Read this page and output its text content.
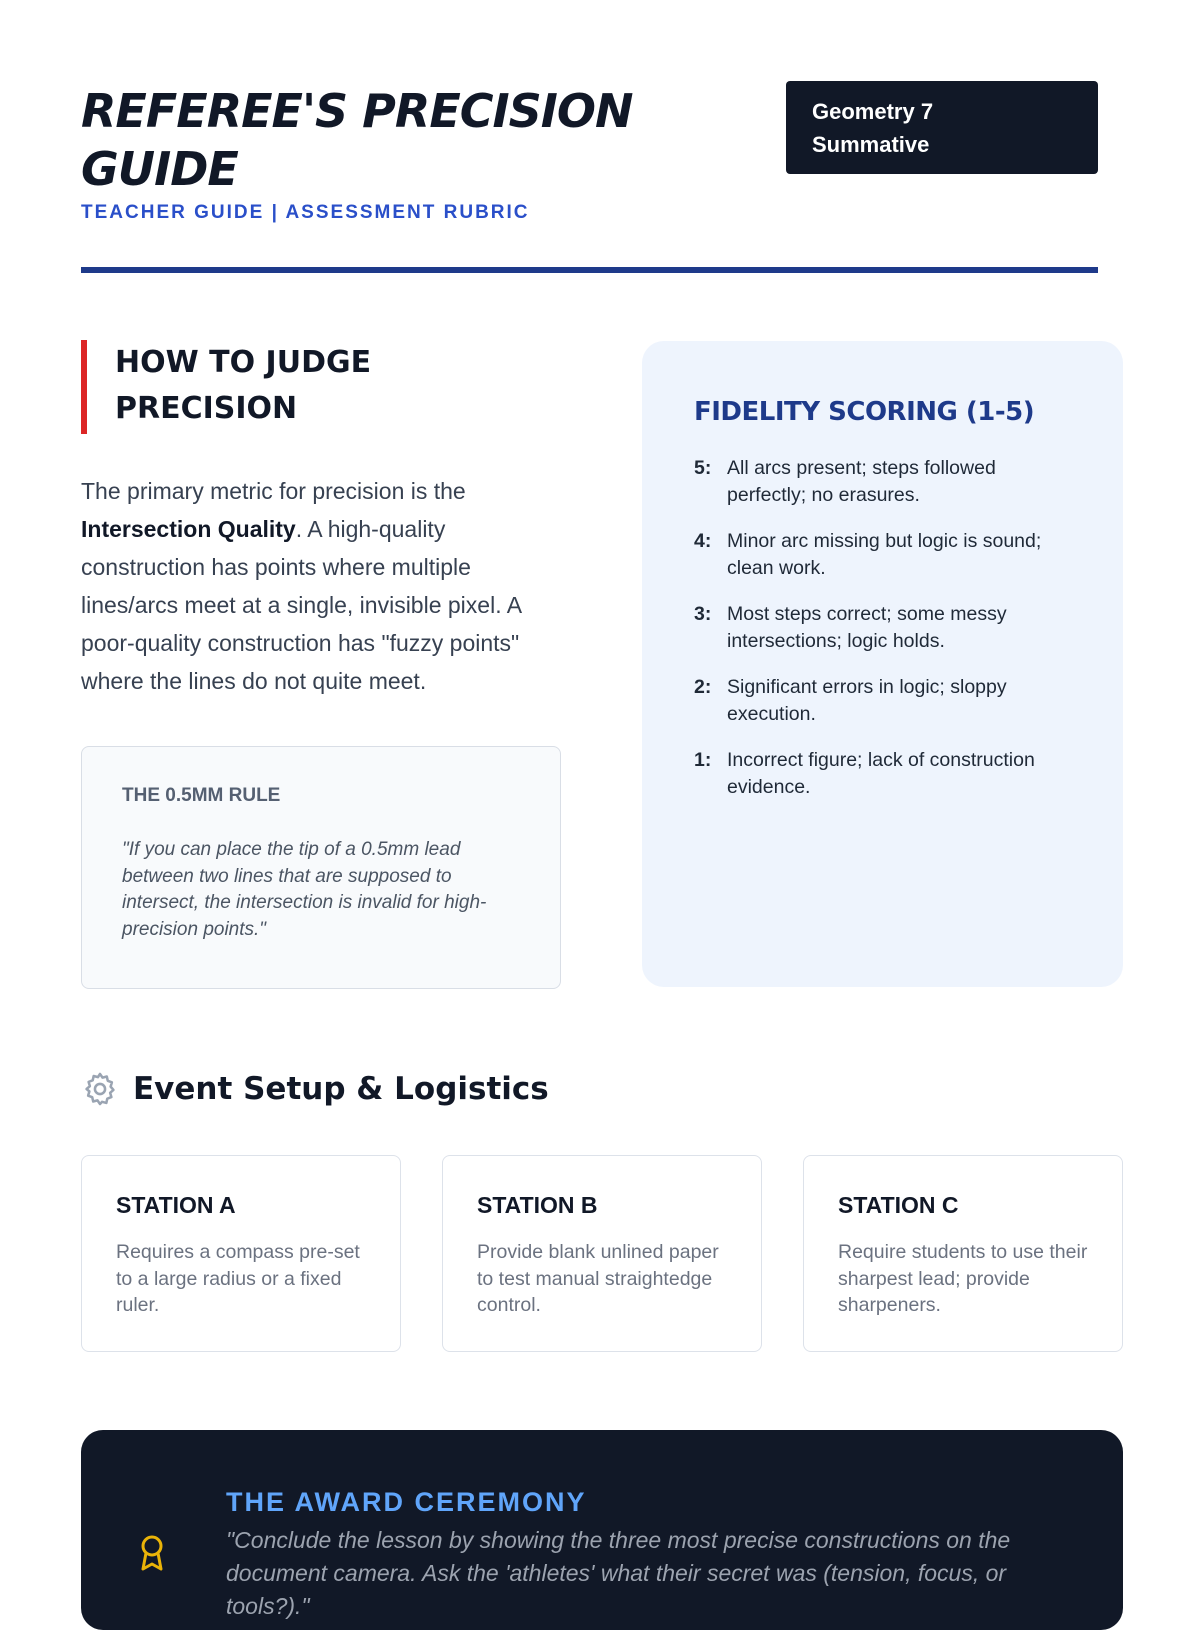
REFEREE'S PRECISION GUIDE
TEACHER GUIDE | ASSESSMENT RUBRIC
Geometry 7
Summative
HOW TO JUDGE
PRECISION

The primary metric for precision is the Intersection Quality. A high-quality construction has points where multiple lines/arcs meet at a single, invisible pixel. A poor-quality construction has "fuzzy points" where the lines do not quite meet.

THE 0.5MM RULE

"If you can place the tip of a 0.5mm lead between two lines that are supposed to intersect, the intersection is invalid for high-precision points."

FIDELITY SCORING (1-5)
5: All arcs present; steps followed perfectly; no erasures.
4: Minor arc missing but logic is sound; clean work.
3: Most steps correct; some messy intersections; logic holds.
2: Significant errors in logic; sloppy execution.
1: Incorrect figure; lack of construction evidence.
Event Setup & Logistics
STATION A

Requires a compass pre-set to a large radius or a fixed ruler.

STATION B

Provide blank unlined paper to test manual straightedge control.

STATION C

Require students to use their sharpest lead; provide sharpeners.

THE AWARD CEREMONY

"Conclude the lesson by showing the three most precise constructions on the document camera. Ask the 'athletes' what their secret was (tension, focus, or tools?)."
